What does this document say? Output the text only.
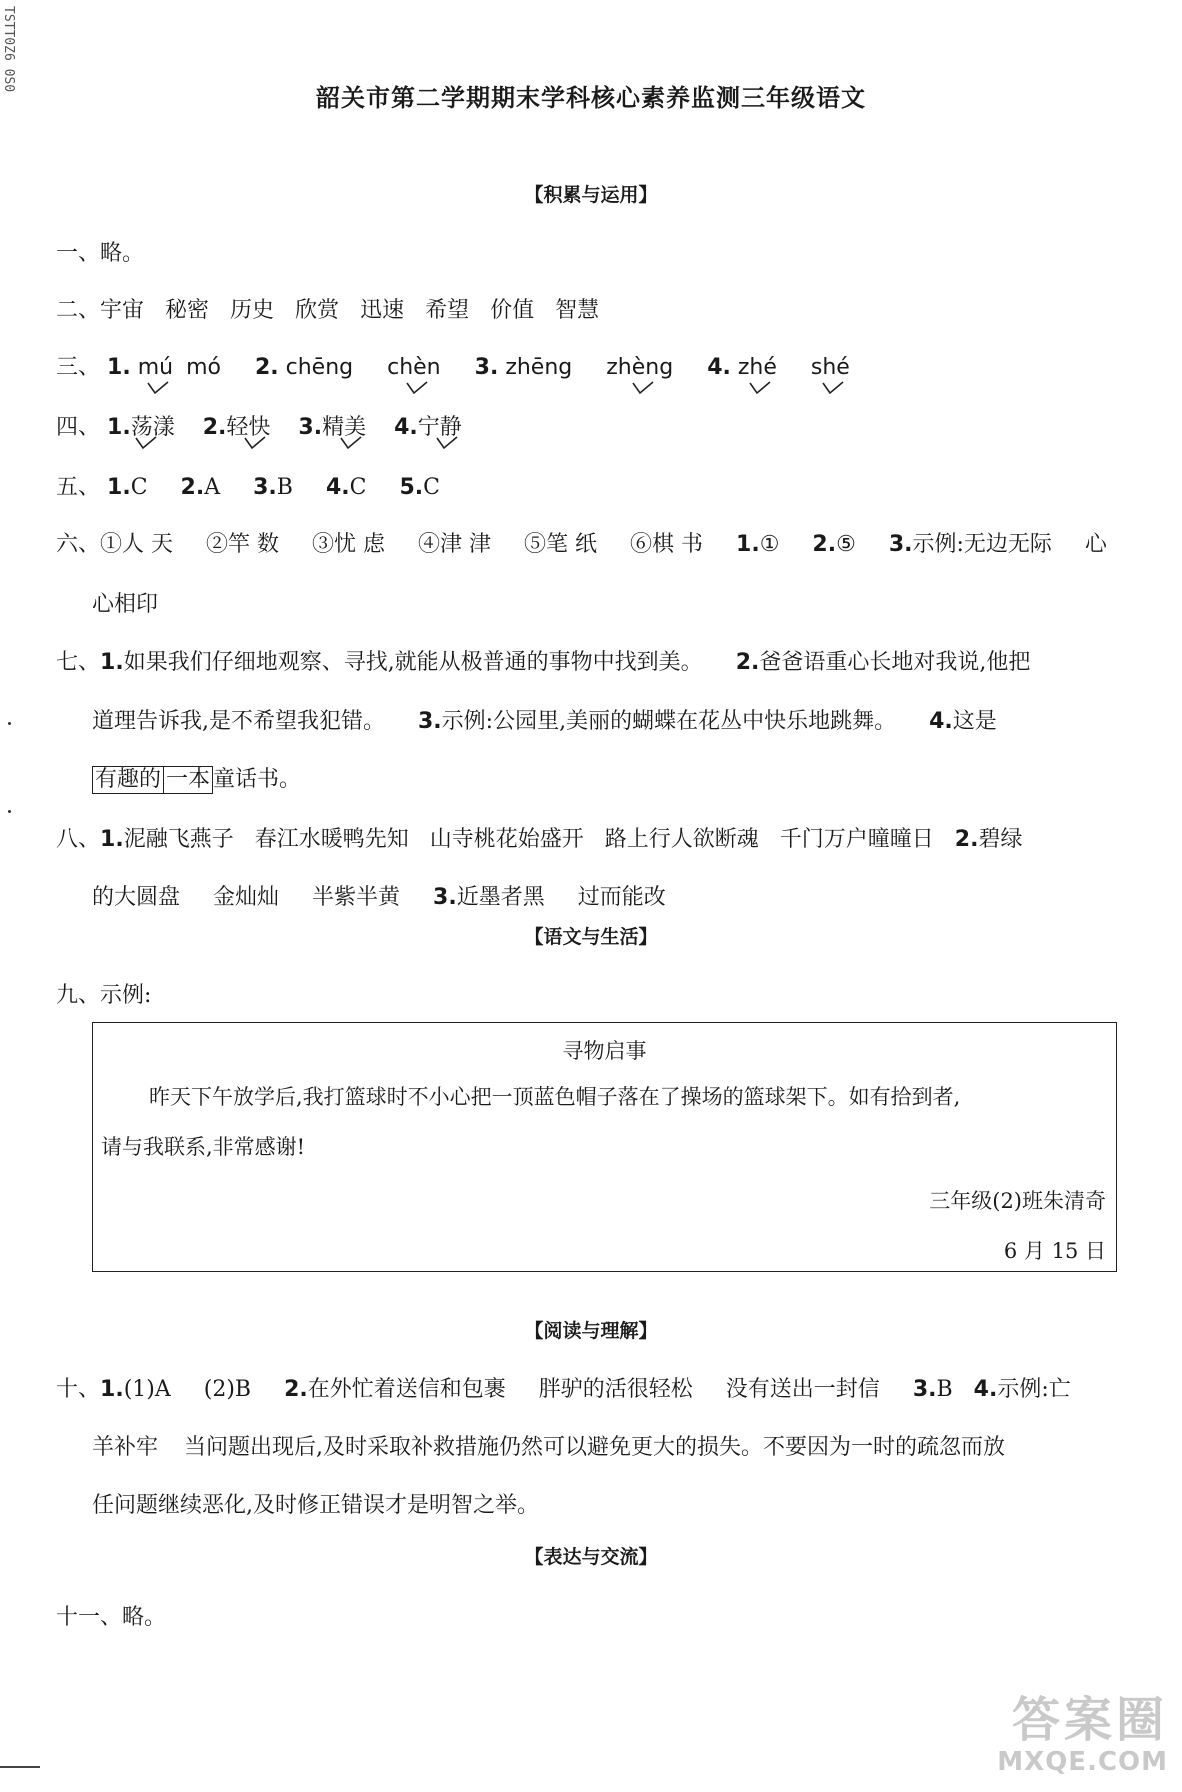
TSTT0Z6 0S0
韶关市第二学期期末学科核心素养监测三年级语文
【积累与运用】
一、略。
二、宇宙 秘密 历史 欣赏 迅速 希望 价值 智慧
三、 1. mú mó 2. chēng chèn 3. zhēng zhèng 4. zhé shé
四、 1.荡漾 2.轻快 3.精美 4.宁静
五、 1.C 2.A 3.B 4.C 5.C
六、①人 天 ②竿 数 ③忧 虑 ④津 津 ⑤笔 纸 ⑥棋 书 1.① 2.⑤ 3.示例:无边无际 心
心相印
七、1.如果我们仔细地观察、寻找,就能从极普通的事物中找到美。 2.爸爸语重心长地对我说,他把
道理告诉我,是不希望我犯错。 3.示例:公园里,美丽的蝴蝶在花丛中快乐地跳舞。 4.这是
有趣的 一本 童话书。
八、1.泥融飞燕子 春江水暖鸭先知 山寺桃花始盛开 路上行人欲断魂 千门万户曈曈日 2.碧绿
的大圆盘 金灿灿 半紫半黄 3.近墨者黑 过而能改
【语文与生活】
九、示例:
寻物启事
昨天下午放学后,我打篮球时不小心把一顶蓝色帽子落在了操场的篮球架下。如有拾到者,
请与我联系,非常感谢!
三年级(2)班朱清奇
6 月 15 日
【阅读与理解】
十、1.(1)A (2)B 2.在外忙着送信和包裹 胖驴的活很轻松 没有送出一封信 3.B 4.示例:亡
羊补牢 当问题出现后,及时采取补救措施仍然可以避免更大的损失。不要因为一时的疏忽而放
任问题继续恶化,及时修正错误才是明智之举。
【表达与交流】
十一、略。
答案圈
MXQE.COM
